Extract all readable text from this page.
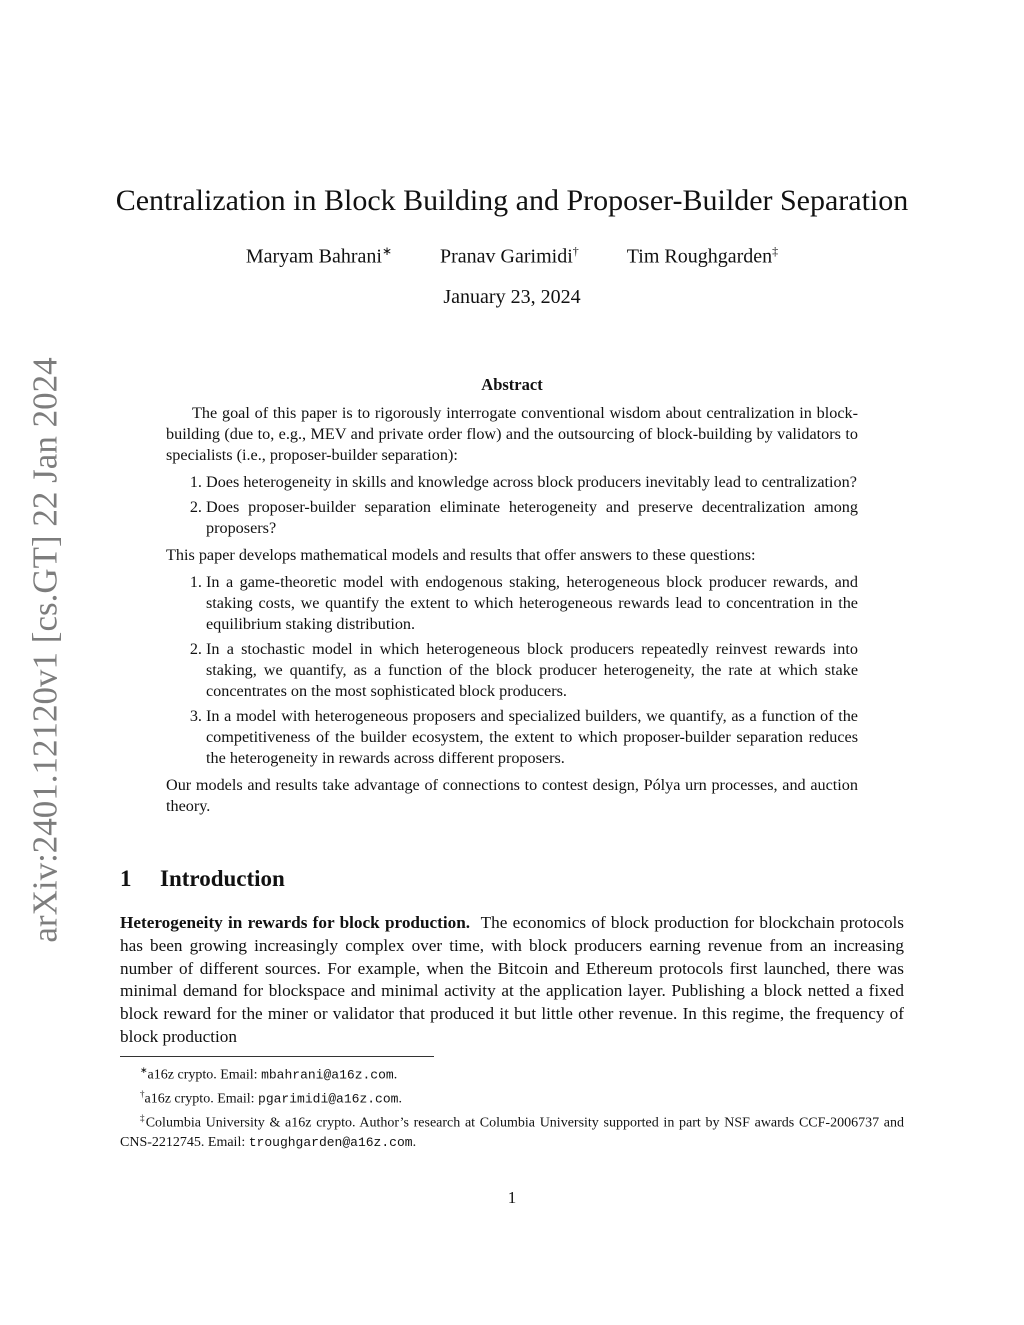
arXiv:2401.12120v1 [cs.GT] 22 Jan 2024
Centralization in Block Building and Proposer-Builder Separation
Maryam Bahrani∗ Pranav Garimidi† Tim Roughgarden‡
January 23, 2024
Abstract

The goal of this paper is to rigorously interrogate conventional wisdom about centralization in block-building (due to, e.g., MEV and private order flow) and the outsourcing of block-building by validators to specialists (i.e., proposer-builder separation):

1. Does heterogeneity in skills and knowledge across block producers inevitably lead to centralization?
2. Does proposer-builder separation eliminate heterogeneity and preserve decentralization among proposers?

This paper develops mathematical models and results that offer answers to these questions:

1. In a game-theoretic model with endogenous staking, heterogeneous block producer rewards, and staking costs, we quantify the extent to which heterogeneous rewards lead to concentration in the equilibrium staking distribution.
2. In a stochastic model in which heterogeneous block producers repeatedly reinvest rewards into staking, we quantify, as a function of the block producer heterogeneity, the rate at which stake concentrates on the most sophisticated block producers.
3. In a model with heterogeneous proposers and specialized builders, we quantify, as a function of the competitiveness of the builder ecosystem, the extent to which proposer-builder separation reduces the heterogeneity in rewards across different proposers.

Our models and results take advantage of connections to contest design, Pólya urn processes, and auction theory.

1 Introduction

Heterogeneity in rewards for block production. The economics of block production for blockchain protocols has been growing increasingly complex over time, with block producers earning revenue from an increasing number of different sources. For example, when the Bitcoin and Ethereum protocols first launched, there was minimal demand for blockspace and minimal activity at the application layer. Publishing a block netted a fixed block reward for the miner or validator that produced it but little other revenue. In this regime, the frequency of block production

∗a16z crypto. Email: mbahrani@a16z.com.

†a16z crypto. Email: pgarimidi@a16z.com.

‡Columbia University & a16z crypto. Author’s research at Columbia University supported in part by NSF awards CCF-2006737 and CNS-2212745. Email: troughgarden@a16z.com.

1
